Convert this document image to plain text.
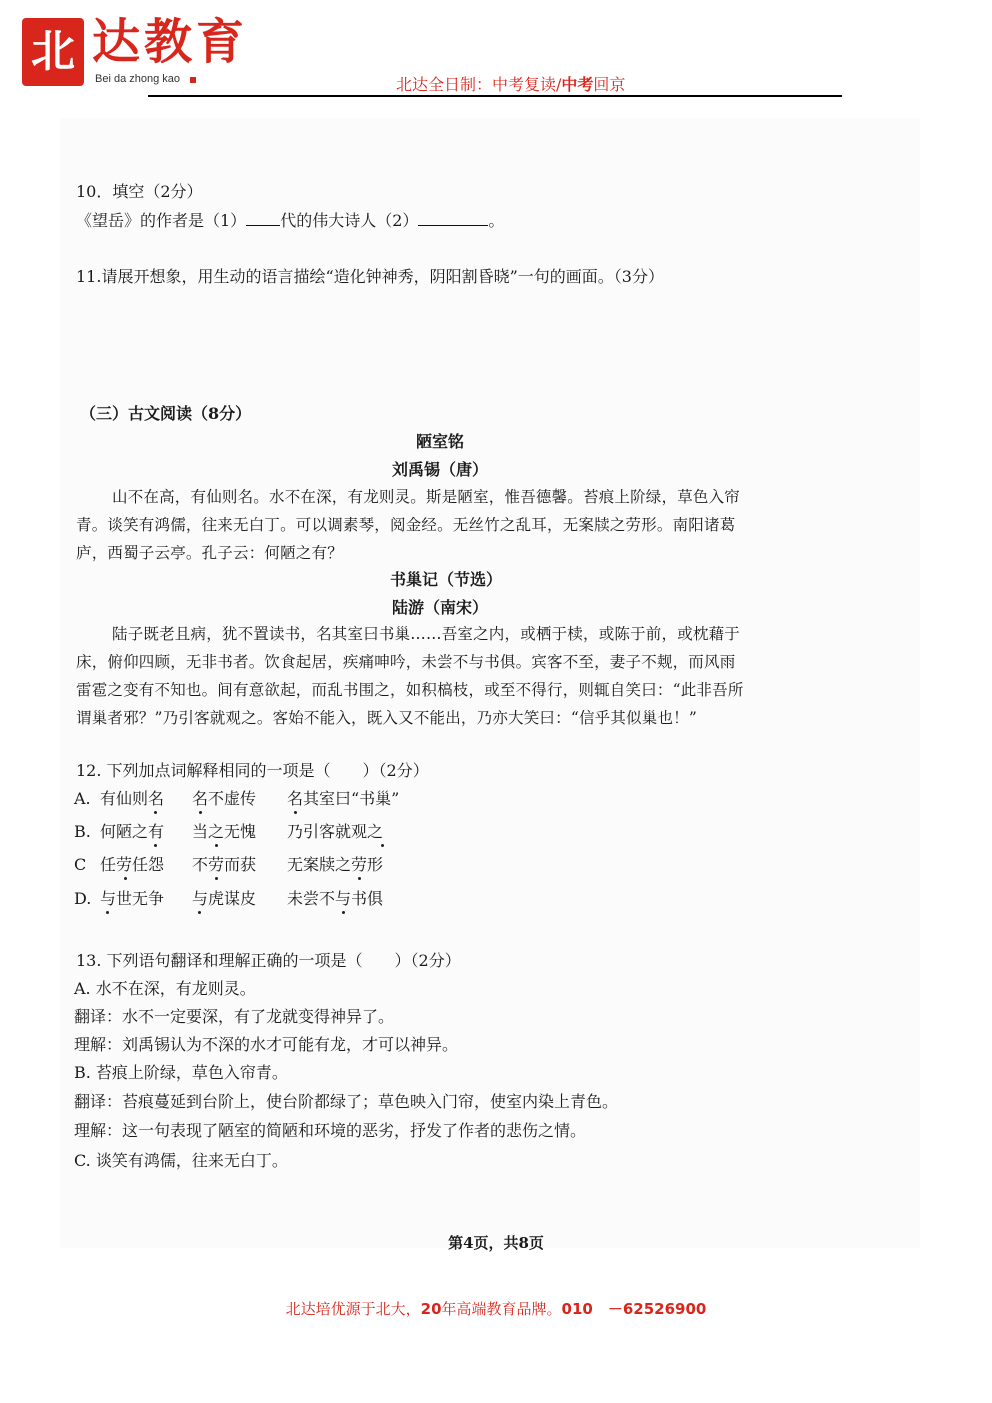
北 达教育
Bei da zhong kao	北达全日制：中考复读/中考回京
10．填空（2分）
《望岳》的作者是（1） 代的伟大诗人（2）	。
11.请展开想象，用生动的语言描绘“造化钟神秀，阴阳割昏晓”一句的画面。（3分）
（三）古文阅读（8分）
陋室铭
刘禹锡（唐）
山不在高，有仙则名。水不在深，有龙则灵。斯是陋室，惟吾德馨。苔痕上阶绿，草色入帘
青。谈笑有鸿儒，往来无白丁。可以调素琴，阅金经。无丝竹之乱耳，无案牍之劳形。南阳诸葛
庐，西蜀子云亭。孔子云：何陋之有？
书巢记（节选）
陆游（南宋）
陆子既老且病，犹不置读书，名其室曰书巢……吾室之内，或栖于椟，或陈于前，或枕藉于
床，俯仰四顾，无非书者。饮食起居，疾痛呻吟，未尝不与书俱。宾客不至，妻子不觌，而风雨
雷雹之变有不知也。间有意欲起，而乱书围之，如积槁枝，或至不得行，则辄自笑曰：“此非吾所
谓巢者邪？”乃引客就观之。客始不能入，既入又不能出，乃亦大笑曰：“信乎其似巢也！”
12. 下列加点词解释相同的一项是（　　）（2分）
A. 有仙则名 名不虚传 名其室曰“书巢”
B. 何陋之有 当之无愧 乃引客就观之
C 任劳任怨 不劳而获 无案牍之劳形
D. 与世无争 与虎谋皮 未尝不与书俱
13. 下列语句翻译和理解正确的一项是（　　）（2分）
A. 水不在深，有龙则灵。
翻译：水不一定要深，有了龙就变得神异了。
理解：刘禹锡认为不深的水才可能有龙，才可以神异。
B. 苔痕上阶绿，草色入帘青。
翻译：苔痕蔓延到台阶上，使台阶都绿了；草色映入门帘，使室内染上青色。
理解：这一句表现了陋室的简陋和环境的恶劣，抒发了作者的悲伤之情。
C. 谈笑有鸿儒，往来无白丁。
第4页，共8页
北达培优源于北大，20年高端教育品牌。010　－62526900
